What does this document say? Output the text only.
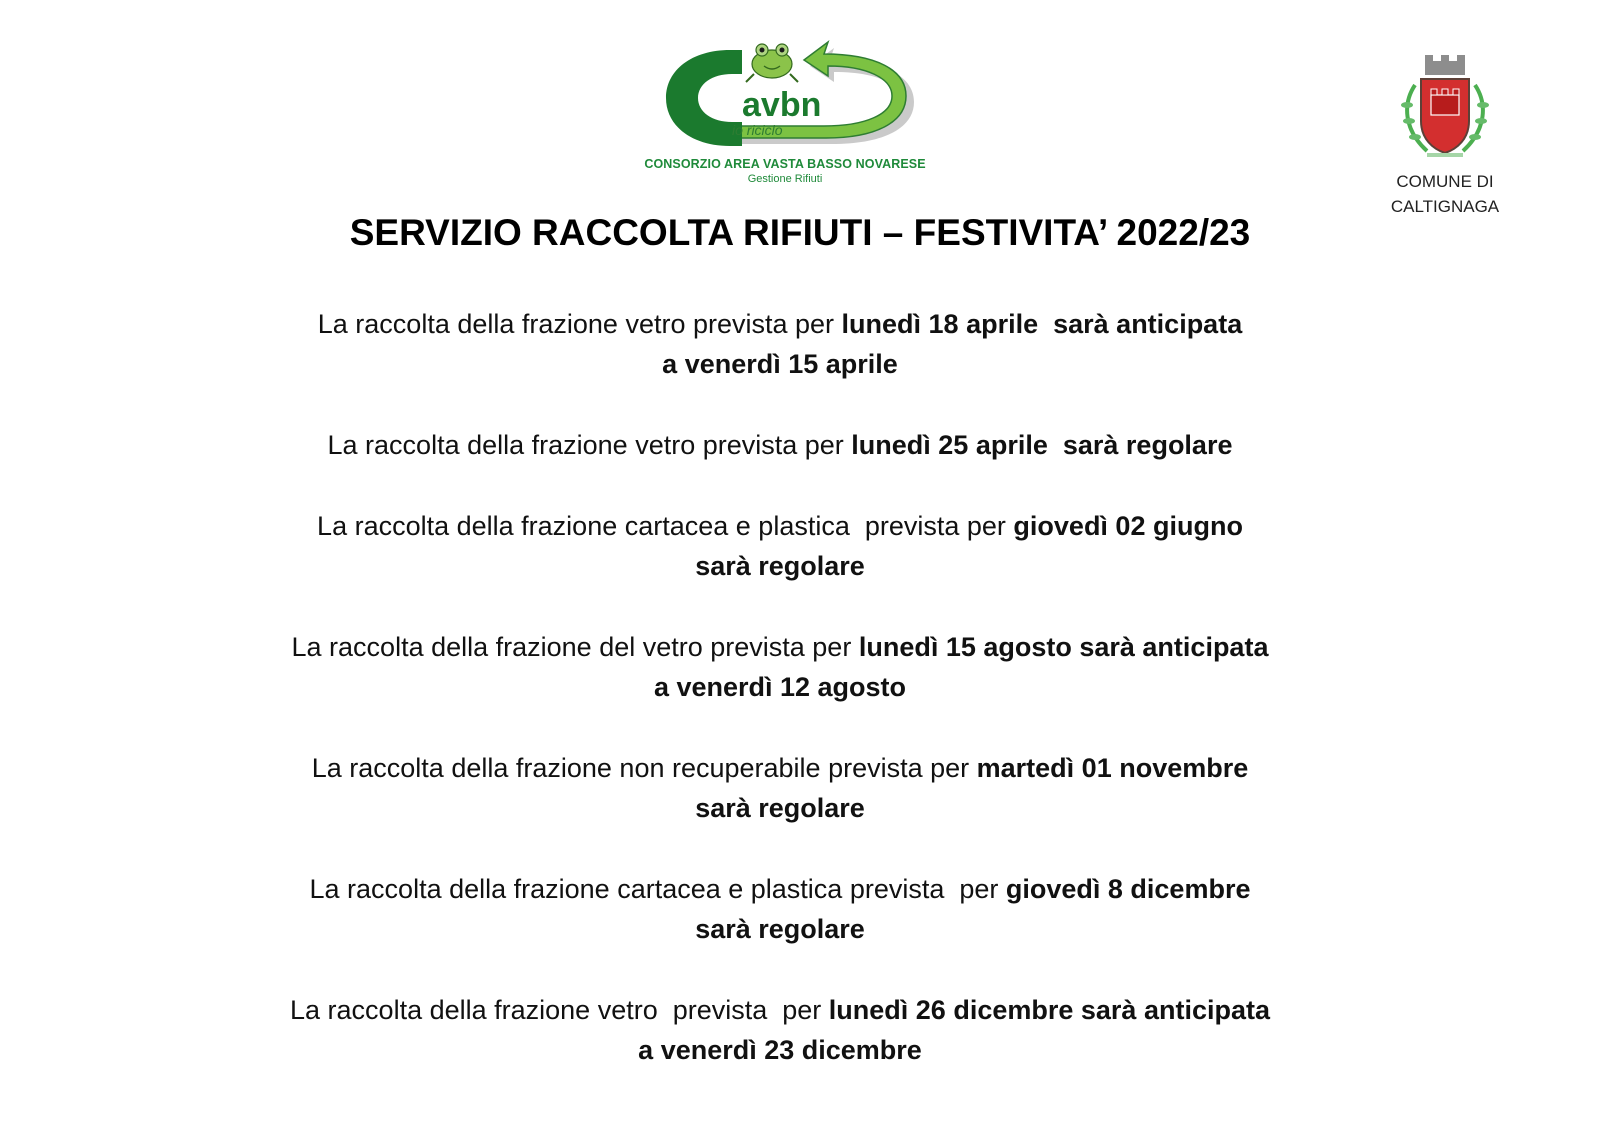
avbn
io riciclo
CONSORZIO AREA VASTA BASSO NOVARESE
Gestione Rifiuti	COMUNE DI
CALTIGNAGA
SERVIZIO RACCOLTA RIFIUTI – FESTIVITA’ 2022/23
La raccolta della frazione vetro prevista per lunedì 18 aprile  sarà anticipata
a venerdì 15 aprile
La raccolta della frazione vetro prevista per lunedì 25 aprile  sarà regolare
La raccolta della frazione cartacea e plastica  prevista per giovedì 02 giugno
sarà regolare
La raccolta della frazione del vetro prevista per lunedì 15 agosto sarà anticipata
a venerdì 12 agosto
La raccolta della frazione non recuperabile prevista per martedì 01 novembre
sarà regolare
La raccolta della frazione cartacea e plastica prevista  per giovedì 8 dicembre
sarà regolare
La raccolta della frazione vetro  prevista  per lunedì 26 dicembre sarà anticipata
a venerdì 23 dicembre
